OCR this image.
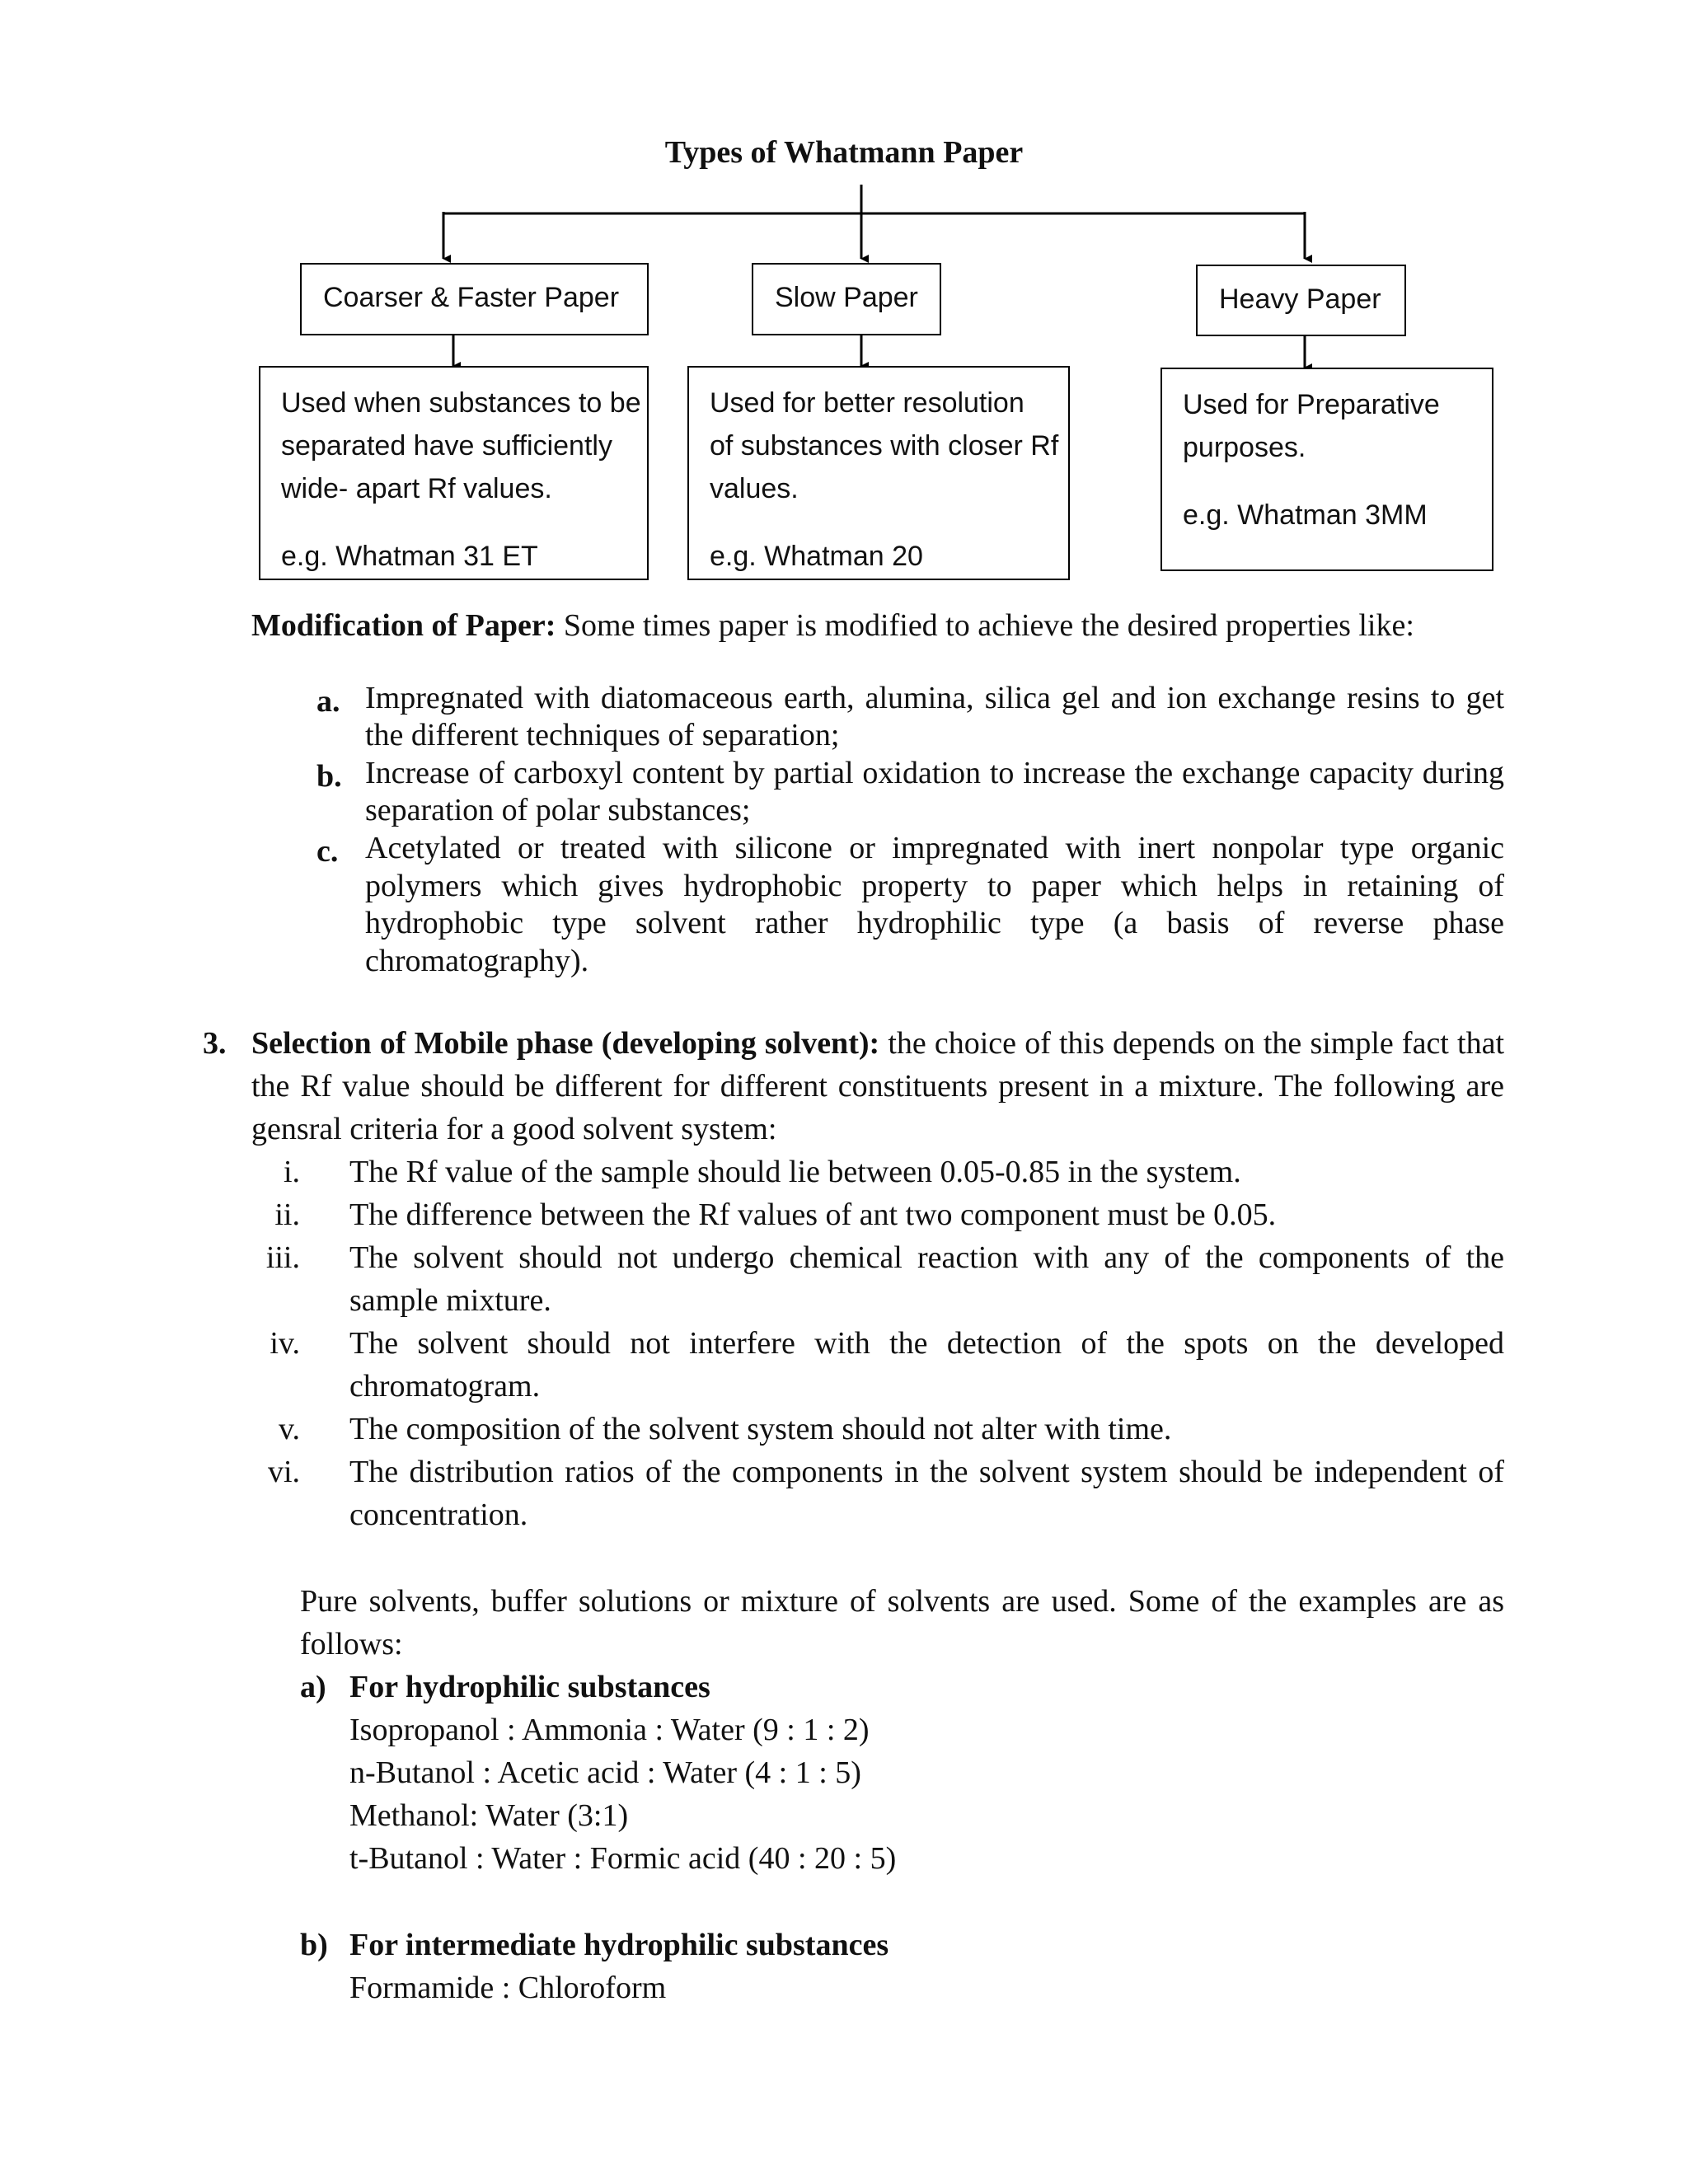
Types of Whatmann Paper
Coarser & Faster Paper	Slow Paper	Heavy Paper
Used when substances to be
separated have sufficiently
wide- apart Rf values.
e.g. Whatman 31 ET
Used for better resolution
of substances with closer Rf
values.
e.g. Whatman 20
Used for Preparative
purposes.
e.g. Whatman 3MM
Modification of Paper: Some times paper is modified to achieve the desired properties like:
a. Impregnated with diatomaceous earth, alumina, silica gel and ion exchange resins to get the different techniques of separation;
b. Increase of carboxyl content by partial oxidation to increase the exchange capacity during separation of polar substances;
c. Acetylated or treated with silicone or impregnated with inert nonpolar type organic polymers which gives hydrophobic property to paper which helps in retaining of hydrophobic type solvent rather hydrophilic type (a basis of reverse phase chromatography).
3. Selection of Mobile phase (developing solvent): the choice of this depends on the simple fact that the Rf value should be different for different constituents present in a mixture. The following are gensral criteria for a good solvent system:
i. The Rf value of the sample should lie between 0.05-0.85 in the system.
ii. The difference between the Rf values of ant two component must be 0.05.
iii. The solvent should not undergo chemical reaction with any of the components of the sample mixture.
iv. The solvent should not interfere with the detection of the spots on the developed chromatogram.
v. The composition of the solvent system should not alter with time.
vi. The distribution ratios of the components in the solvent system should be independent of concentration.
Pure solvents, buffer solutions or mixture of solvents are used. Some of the examples are as follows:
a) For hydrophilic substances
Isopropanol : Ammonia : Water (9 : 1 : 2)
n-Butanol : Acetic acid : Water (4 : 1 : 5)
Methanol: Water (3:1)
t-Butanol : Water : Formic acid (40 : 20 : 5)
b) For intermediate hydrophilic substances
Formamide : Chloroform
